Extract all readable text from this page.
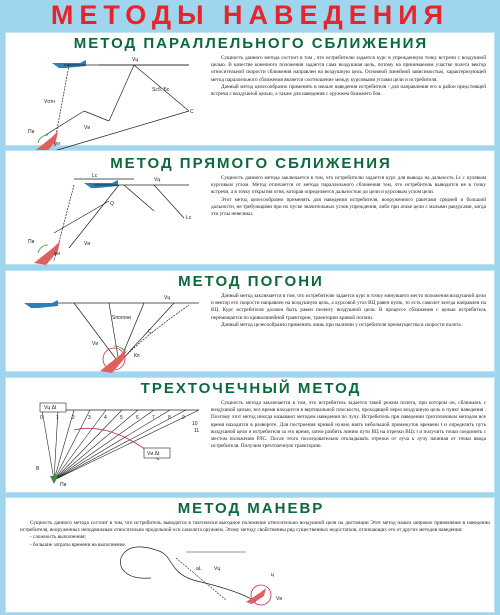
МЕТОДЫ НАВЕДЕНИЯ
МЕТОД ПАРАЛЛЕЛЬНОГО СБЛИЖЕНИЯ
Vц
Sсб. Бс
Vотн
C
Пи
φи
Vи

Сущность данного метода состоит в том , что истребителю задается курс в упрежденную точку встречи с воздушной целью. В качестве конечного положения задается сама воздушная цель, потому на принимаемом участке полета вектор относительной скорости сближения направлен на воздушную цель. Основной линейной зависимостью, характеризующей метод параллельного сближения является соотношение между курсовыми углами цели и истребителя.

Данный метод целесообразно применять в начале наведения истребителя - для направления его в район предстоящей встречи с воздушной целью, а также для наведения с оружием ближнего боя.

МЕТОД ПРЯМОГО СБЛИЖЕНИЯ
Lс
Vц
Q
Lс
Пи
φи
Vи

Сущность данного метода заключается в том, что истребителю задается курс для вывода на дальность Lc с нулевым курсовым углом. Метод отличается от метода параллельного сближения тем, что истребитель выводится не в точку встречи, а в точку открытия огня, которая определяется дальностью до цели и курсовым углом цели.

Этот метод целесообразно применять для наведения истребителя, вооруженного ракетами средней и большой дальности, не требующими при их пуске значительных углов упреждения, либо при атаке цели с малыми ракурсами, когда эти углы невелики.

МЕТОД ПОГОНИ
Sпогони
Vц
C
Кп
Vи

Данный метод заключается в том, что истребителю задается курс в точку минувшего место положения воздушной цели и вектор его скорости направлен на воздушную цель, а курсовой угол ВЦ равен нулю, то есть самолет всегда направлен на ВЦ. Курс истребителя должен быть равен пеленгу воздушной цели. В процессе сближения с целью истребитель перемещается по криволинейной траектории, траектории кривой погони.

Данный метод целесообразно применять лишь при наличии у истребителя преимущества в скорости полета.

ТРЕХТОЧЕЧНЫЙ МЕТОД
Vц Δt
Vи Δt
B
Пи
0	1	2	3	4	5	6	7	8 9
10
11

Сущность метода заключается в том, что истребитель задается такой режим полета, при котором он, сближаясь с воздушной целью, все время находится в вертикальной плоскости, проходящей через воздушную цель и пункт наведения . Поэтому этот метод иногда называют методом наведения по лучу. Истребитель при наведении трехточечным методом все время находится в развороте. Для построения кривой нужно взять небольшой промежуток времени t и определить путь воздушной цели и истребителя за это время, затем разбить линию пути ВЦ на отрезки ВЦх t и получить точки соединить с местом положения РЛС. После этого последовательно откладывать отрезки от луча к лучу начиная от точки ввода истребителя. Получим трехточечную траекторию.

МЕТОД МАНЕВР

Сущность данного метода состоит в том, что истребитель выводится в тактически выгодное положение относительно воздушной цели на дистанции Этот метод нашел широкое применение в наведении истребителя, вооруженных неподвижным относительно продольной оси самолета оружием. Этому методу свойственны ряд существенных недостатков, отличающих его от других методов наведения:

- сложность выполнения;

- большие затраты времени на выполнение.

Vц
ц
aL
Vи
